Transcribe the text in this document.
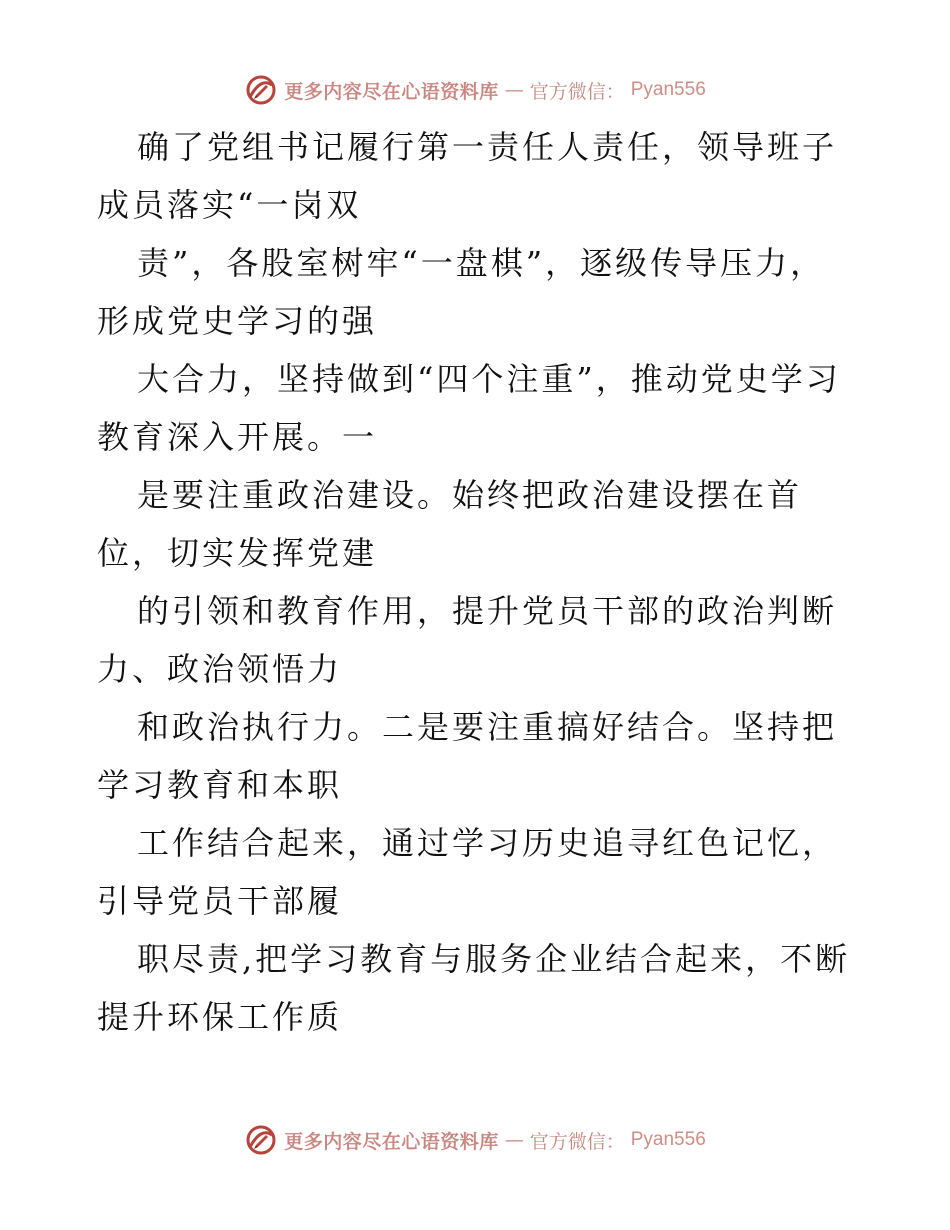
更多内容尽在心语资料库 — 官方微信： Pyan556

确了党组书记履行第一责任人责任，领导班子成员落实“一岗双

责”，各股室树牢“一盘棋”，逐级传导压力，形成党史学习的强

大合力，坚持做到“四个注重”，推动党史学习教育深入开展。一

是要注重政治建设。始终把政治建设摆在首位，切实发挥党建

的引领和教育作用，提升党员干部的政治判断力、政治领悟力

和政治执行力。二是要注重搞好结合。坚持把学习教育和本职

工作结合起来，通过学习历史追寻红色记忆，引导党员干部履

职尽责,把学习教育与服务企业结合起来，不断提升环保工作质

更多内容尽在心语资料库 — 官方微信： Pyan556
